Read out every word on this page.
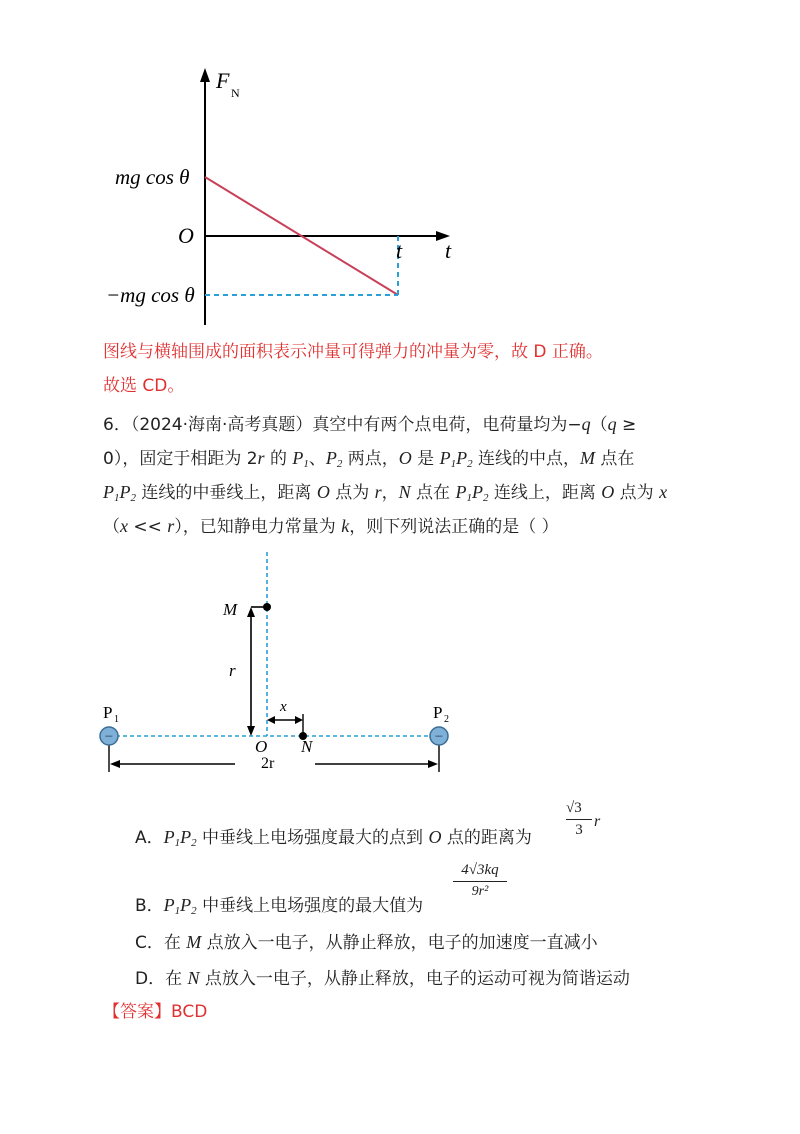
F N
mg cos θ
O
−mg cos θ
t t
图线与横轴围成的面积表示冲量可得弹力的冲量为零，故 D 正确。
故选 CD。
6．（2024·海南·高考真题）真空中有两个点电荷，电荷量均为−q（q ≥
0），固定于相距为 2r 的 $P_1$、$P_2$ 两点，O 是 $P_1P_2$ 连线的中点，M 点在
$P_1P_2$ 连线的中垂线上，距离 O 点为 r，N 点在 $P_1P_2$ 连线上，距离 O 点为 x
（x << r），已知静电力常量为 k，则下列说法正确的是（ ）
−	−
M
r
x
O N
2r
P 1	P 2
A．$P_1P_2$ 中垂线上电场强度最大的点到 O 点的距离为
√3
3 r
B．$P_1P_2$ 中垂线上电场强度的最大值为
4√3kq
9r²
C．在 M 点放入一电子，从静止释放，电子的加速度一直减小
D．在 N 点放入一电子，从静止释放，电子的运动可视为简谐运动
【答案】BCD
